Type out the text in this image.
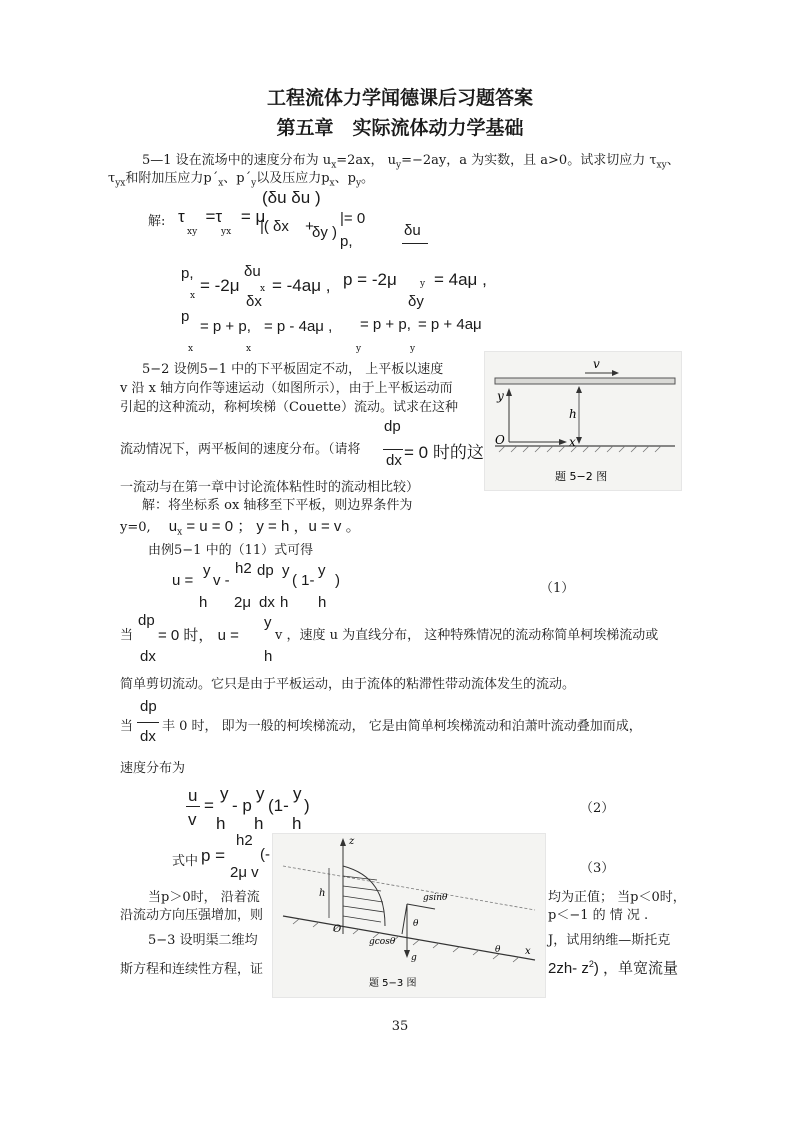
工程流体力学闻德课后习题答案
第五章　实际流体动力学基础
5—1 设在流场中的速度分布为 $u_x=2ax$， $u_y=-2ay$，a 为实数，且 a>0。试求切应力 $\tau_{xy}$、
$\tau_{yx}$和附加压应力$p´_x$、$p´_y$以及压应力$p_x$、$p_y$。
(δu δu )
解: τ =τ = μ
xy	yx |( δx +
δy )
|= 0
p,
δu
p,
x
= -2μ
δu
x
δx
= -4aμ , p = -2μ	y = 4aμ ,
δy
p
= p + p, = p - 4aμ , = p + p, = p + 4aμ
x	x	y	y
5−2 设例5−1 中的下平板固定不动， 上平板以速度
v 沿 x 轴方向作等速运动（如图所示），由于上平板运动而
引起的这种流动，称柯埃梯（Couette）流动。试求在这种
dp
流动情况下，两平板间的速度分布。（请将	= 0 时的这
dx
一流动与在第一章中讨论流体粘性时的流动相比较）
解：将坐标系 ox 轴移至下平板，则边界条件为
y=0, $u_x = u = 0$ ； y = h ，u = v 。
由例5−1 中的（11）式可得
u =
y
v -
h2 dp y
( 1-
y
)
h 2μ dx h h
（1）
当
dp
= 0 时， u =
y
v ，速度 u 为直线分布， 这种特殊情况的流动称简单柯埃梯流动或
dx	h
简单剪切流动。它只是由于平板运动，由于流体的粘滞性带动流体发生的流动。
dp
当 丰 0 时， 即为一般的柯埃梯流动， 它是由简单柯埃梯流动和泊萧叶流动叠加而成，
dx
速度分布为
u
=
y
- p
y
(1-
y
)
v h h h
（2）
式中 p =
h2
(-
2μ v	（3）
当p＞0时， 沿着流	均为正值； 当p＜0时，
沿流动方向压强增加，则	p＜−1 的 情 况 .
5−3 设明渠二维均	J，试用纳维—斯托克
斯方程和连续性方程，证	2zh- $z^2$) ，单宽流量
v
y
h
O	x
题 5−2 图
z
h
O
gsinθ
gcosθ
g
θ
θ x
题 5−3 图
35
